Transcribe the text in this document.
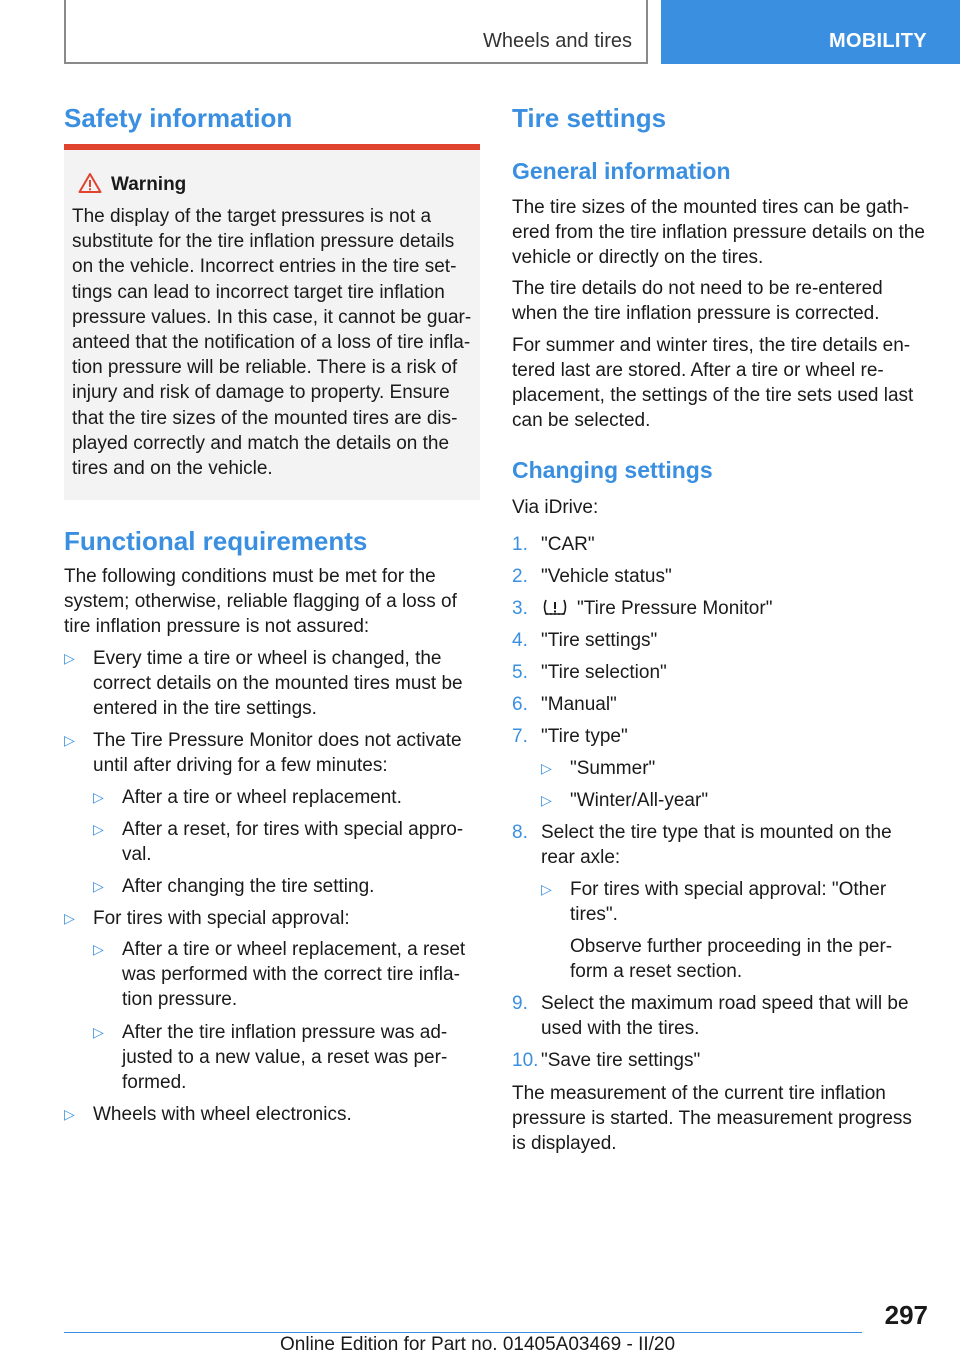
Wheels and tires	MOBILITY
Safety information
Warning
The display of the target pressures is not a
substitute for the tire inflation pressure details
on the vehicle. Incorrect entries in the tire set‐
tings can lead to incorrect target tire inflation
pressure values. In this case, it cannot be guar‐
anteed that the notification of a loss of tire infla‐
tion pressure will be reliable. There is a risk of
injury and risk of damage to property. Ensure
that the tire sizes of the mounted tires are dis‐
played correctly and match the details on the
tires and on the vehicle.
Functional requirements
The following conditions must be met for the
system; otherwise, reliable flagging of a loss of
tire inflation pressure is not assured:
▷ Every time a tire or wheel is changed, the
correct details on the mounted tires must be
entered in the tire settings.
▷ The Tire Pressure Monitor does not activate
until after driving for a few minutes:
▷ After a tire or wheel replacement.
▷ After a reset, for tires with special appro‐
val.
▷ After changing the tire setting.
▷ For tires with special approval:
▷ After a tire or wheel replacement, a reset
was performed with the correct tire infla‐
tion pressure.
▷ After the tire inflation pressure was ad‐
justed to a new value, a reset was per‐
formed.
▷ Wheels with wheel electronics.
Tire settings
General information
The tire sizes of the mounted tires can be gath‐
ered from the tire inflation pressure details on the
vehicle or directly on the tires.
The tire details do not need to be re‐entered
when the tire inflation pressure is corrected.
For summer and winter tires, the tire details en‐
tered last are stored. After a tire or wheel re‐
placement, the settings of the tire sets used last
can be selected.
Changing settings
Via iDrive:
1. "CAR"
2. "Vehicle status"
3.	"Tire Pressure Monitor"
4. "Tire settings"
5. "Tire selection"
6. "Manual"
7. "Tire type"
▷ "Summer"
▷ "Winter/All-year"
8. Select the tire type that is mounted on the
rear axle:
▷ For tires with special approval: "Other
tires".
Observe further proceeding in the per‐
form a reset section.
9. Select the maximum road speed that will be
used with the tires.
10. "Save tire settings"
The measurement of the current tire inflation
pressure is started. The measurement progress
is displayed.
297
Online Edition for Part no. 01405A03469 - II/20
